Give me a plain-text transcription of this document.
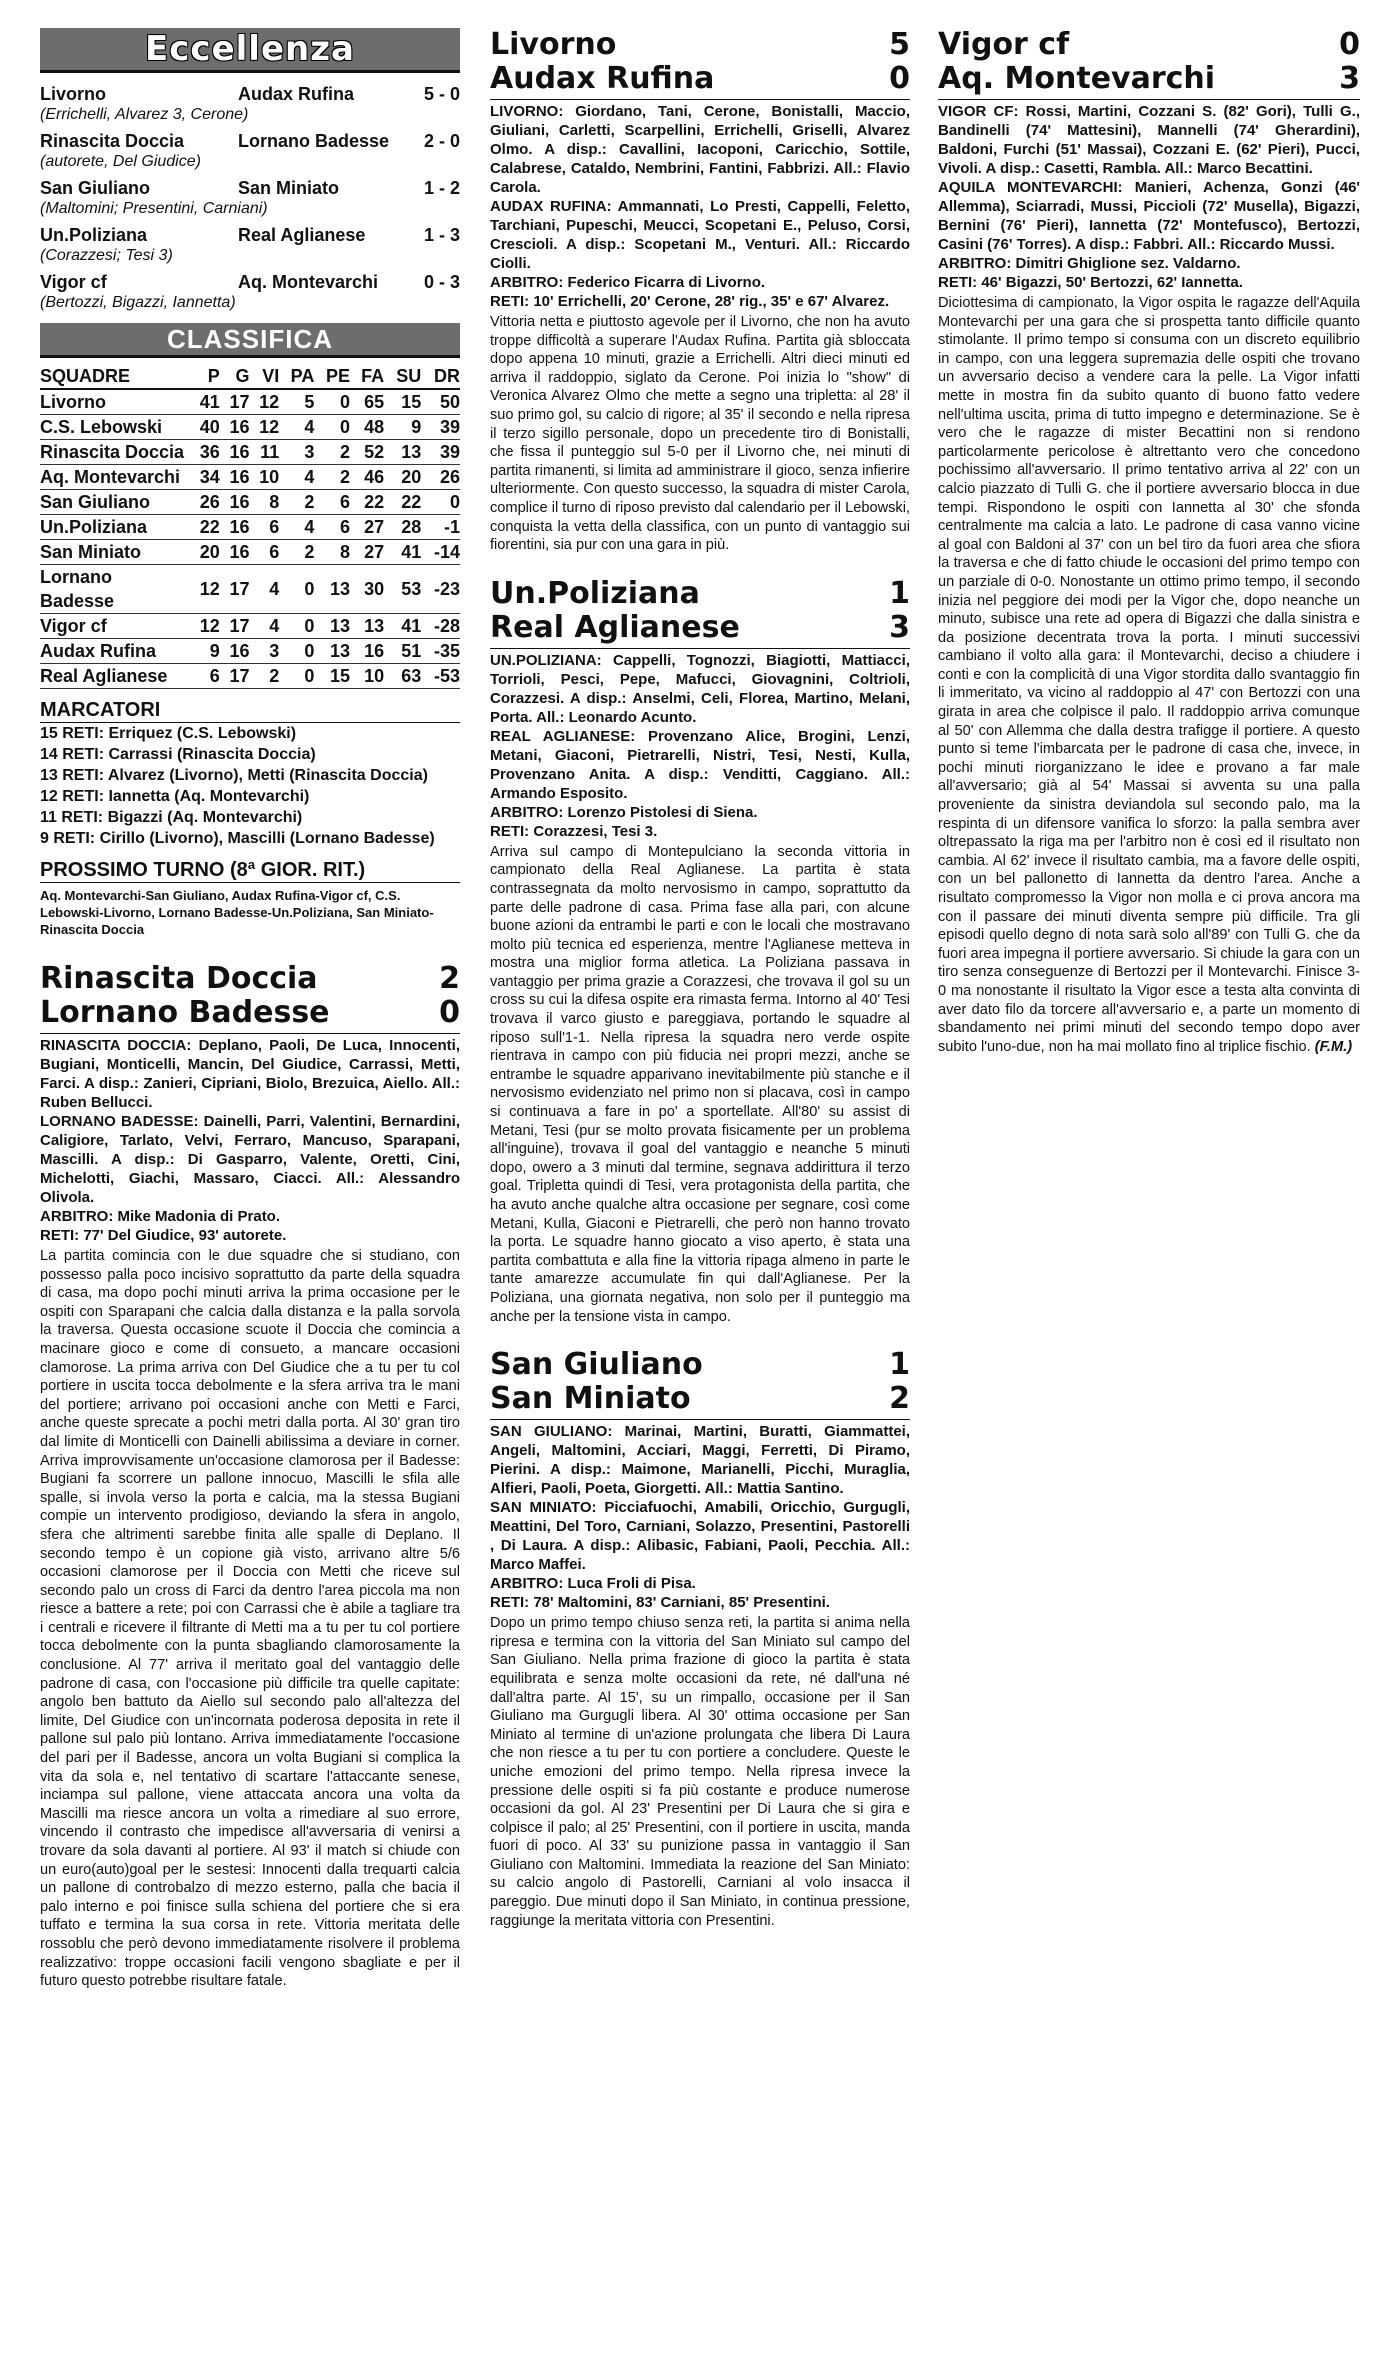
Eccellenza
Livorno	Audax Rufina	5 - 0
(Errichelli, Alvarez 3, Cerone)
Rinascita Doccia	Lornano Badesse	2 - 0
(autorete, Del Giudice)
San Giuliano	San Miniato	1 - 2
(Maltomini; Presentini, Carniani)
Un.Poliziana	Real Aglianese	1 - 3
(Corazzesi; Tesi 3)
Vigor cf	Aq. Montevarchi	0 - 3
(Bertozzi, Bigazzi, Iannetta)
CLASSIFICA
SQUADRE	P	G	VI	PA	PE	FA	SU	DR
Livorno	41	17	12	5	0	65	15	50
C.S. Lebowski	40	16	12	4	0	48	9	39
Rinascita Doccia	36	16	11	3	2	52	13	39
Aq. Montevarchi	34	16	10	4	2	46	20	26
San Giuliano	26	16	8	2	6	22	22	0
Un.Poliziana	22	16	6	4	6	27	28	-1
San Miniato	20	16	6	2	8	27	41	-14
Lornano Badesse	12	17	4	0	13	30	53	-23
Vigor cf	12	17	4	0	13	13	41	-28
Audax Rufina	9	16	3	0	13	16	51	-35
Real Aglianese	6	17	2	0	15	10	63	-53
MARCATORI
15 RETI: Erriquez (C.S. Lebowski)
14 RETI: Carrassi (Rinascita Doccia)
13 RETI: Alvarez (Livorno), Metti (Rinascita Doccia)
12 RETI: Iannetta (Aq. Montevarchi)
11 RETI: Bigazzi (Aq. Montevarchi)
9 RETI: Cirillo (Livorno), Mascilli (Lornano Badesse)
PROSSIMO TURNO (8ª GIOR. RIT.)
Aq. Montevarchi-San Giuliano, Audax Rufina-Vigor cf, C.S. Lebowski-Livorno, Lornano Badesse-Un.Poliziana, San Miniato-Rinascita Doccia
Rinascita Doccia	2
Lornano Badesse	0
RINASCITA DOCCIA: Deplano, Paoli, De Luca, Innocenti, Bugiani, Monticelli, Mancin, Del Giudice, Carrassi, Metti, Farci. A disp.: Zanieri, Cipriani, Biolo, Brezuica, Aiello. All.: Ruben Bellucci.
LORNANO BADESSE: Dainelli, Parri, Valentini, Bernardini, Caligiore, Tarlato, Velvi, Ferraro, Mancuso, Sparapani, Mascilli. A disp.: Di Gasparro, Valente, Oretti, Cini, Michelotti, Giachi, Massaro, Ciacci. All.: Alessandro Olivola.
ARBITRO: Mike Madonia di Prato.
RETI: 77' Del Giudice, 93' autorete.
La partita comincia con le due squadre che si studiano, con possesso palla poco incisivo soprattutto da parte della squadra di casa, ma dopo pochi minuti arriva la prima occasione per le ospiti con Sparapani che calcia dalla distanza e la palla sorvola la traversa. Questa occasione scuote il Doccia che comincia a macinare gioco e come di consueto, a mancare occasioni clamorose. La prima arriva con Del Giudice che a tu per tu col portiere in uscita tocca debolmente e la sfera arriva tra le mani del portiere; arrivano poi occasioni anche con Metti e Farci, anche queste sprecate a pochi metri dalla porta. Al 30' gran tiro dal limite di Monticelli con Dainelli abilissima a deviare in corner. Arriva improvvisamente un'occasione clamorosa per il Badesse: Bugiani fa scorrere un pallone innocuo, Mascilli le sfila alle spalle, si invola verso la porta e calcia, ma la stessa Bugiani compie un intervento prodigioso, deviando la sfera in angolo, sfera che altrimenti sarebbe finita alle spalle di Deplano. Il secondo tempo è un copione già visto, arrivano altre 5/6 occasioni clamorose per il Doccia con Metti che riceve sul secondo palo un cross di Farci da dentro l'area piccola ma non riesce a battere a rete; poi con Carrassi che è abile a tagliare tra i centrali e ricevere il filtrante di Metti ma a tu per tu col portiere tocca debolmente con la punta sbagliando clamorosamente la conclusione. Al 77' arriva il meritato goal del vantaggio delle padrone di casa, con l'occasione più difficile tra quelle capitate: angolo ben battuto da Aiello sul secondo palo all'altezza del limite, Del Giudice con un'incornata poderosa deposita in rete il pallone sul palo più lontano. Arriva immediatamente l'occasione del pari per il Badesse, ancora un volta Bugiani si complica la vita da sola e, nel tentativo di scartare l'attaccante senese, inciampa sul pallone, viene attaccata ancora una volta da Mascilli ma riesce ancora un volta a rimediare al suo errore, vincendo il contrasto che impedisce all'avversaria di venirsi a trovare da sola davanti al portiere. Al 93' il match si chiude con un euro(auto)goal per le sestesi: Innocenti dalla trequarti calcia un pallone di controbalzo di mezzo esterno, palla che bacia il palo interno e poi finisce sulla schiena del portiere che si era tuffato e termina la sua corsa in rete. Vittoria meritata delle rossoblu che però devono immediatamente risolvere il problema realizzativo: troppe occasioni facili vengono sbagliate e per il futuro questo potrebbe risultare fatale.
Livorno	5
Audax Rufina	0
LIVORNO: Giordano, Tani, Cerone, Bonistalli, Maccio, Giuliani, Carletti, Scarpellini, Errichelli, Griselli, Alvarez Olmo. A disp.: Cavallini, Iacoponi, Caricchio, Sottile, Calabrese, Cataldo, Nembrini, Fantini, Fabbrizi. All.: Flavio Carola.
AUDAX RUFINA: Ammannati, Lo Presti, Cappelli, Feletto, Tarchiani, Pupeschi, Meucci, Scopetani E., Peluso, Corsi, Crescioli. A disp.: Scopetani M., Venturi. All.: Riccardo Ciolli.
ARBITRO: Federico Ficarra di Livorno.
RETI: 10' Errichelli, 20' Cerone, 28' rig., 35' e 67' Alvarez.
Vittoria netta e piuttosto agevole per il Livorno, che non ha avuto troppe difficoltà a superare l'Audax Rufina. Partita già sbloccata dopo appena 10 minuti, grazie a Errichelli. Altri dieci minuti ed arriva il raddoppio, siglato da Cerone. Poi inizia lo "show" di Veronica Alvarez Olmo che mette a segno una tripletta: al 28' il suo primo gol, su calcio di rigore; al 35' il secondo e nella ripresa il terzo sigillo personale, dopo un precedente tiro di Bonistalli, che fissa il punteggio sul 5-0 per il Livorno che, nei minuti di partita rimanenti, si limita ad amministrare il gioco, senza infierire ulteriormente. Con questo successo, la squadra di mister Carola, complice il turno di riposo previsto dal calendario per il Lebowski, conquista la vetta della classifica, con un punto di vantaggio sui fiorentini, sia pur con una gara in più.
Un.Poliziana	1
Real Aglianese	3
UN.POLIZIANA: Cappelli, Tognozzi, Biagiotti, Mattiacci, Torrioli, Pesci, Pepe, Mafucci, Giovagnini, Coltrioli, Corazzesi. A disp.: Anselmi, Celi, Florea, Martino, Melani, Porta. All.: Leonardo Acunto.
REAL AGLIANESE: Provenzano Alice, Brogini, Lenzi, Metani, Giaconi, Pietrarelli, Nistri, Tesi, Nesti, Kulla, Provenzano Anita. A disp.: Venditti, Caggiano. All.: Armando Esposito.
ARBITRO: Lorenzo Pistolesi di Siena.
RETI: Corazzesi, Tesi 3.
Arriva sul campo di Montepulciano la seconda vittoria in campionato della Real Aglianese. La partita è stata contrassegnata da molto nervosismo in campo, soprattutto da parte delle padrone di casa. Prima fase alla pari, con alcune buone azioni da entrambi le parti e con le locali che mostravano molto più tecnica ed esperienza, mentre l'Aglianese metteva in mostra una miglior forma atletica. La Poliziana passava in vantaggio per prima grazie a Corazzesi, che trovava il gol su un cross su cui la difesa ospite era rimasta ferma. Intorno al 40' Tesi trovava il varco giusto e pareggiava, portando le squadre al riposo sull'1-1. Nella ripresa la squadra nero verde ospite rientrava in campo con più fiducia nei propri mezzi, anche se entrambe le squadre apparivano inevitabilmente più stanche e il nervosismo evidenziato nel primo non si placava, così in campo si continuava a fare in po' a sportellate. All'80' su assist di Metani, Tesi (pur se molto provata fisicamente per un problema all'inguine), trovava il goal del vantaggio e neanche 5 minuti dopo, owero a 3 minuti dal termine, segnava addirittura il terzo goal. Tripletta quindi di Tesi, vera protagonista della partita, che ha avuto anche qualche altra occasione per segnare, così come Metani, Kulla, Giaconi e Pietrarelli, che però non hanno trovato la porta. Le squadre hanno giocato a viso aperto, è stata una partita combattuta e alla fine la vittoria ripaga almeno in parte le tante amarezze accumulate fin qui dall'Aglianese. Per la Poliziana, una giornata negativa, non solo per il punteggio ma anche per la tensione vista in campo.
San Giuliano	1
San Miniato	2
SAN GIULIANO: Marinai, Martini, Buratti, Giammattei, Angeli, Maltomini, Acciari, Maggi, Ferretti, Di Piramo, Pierini. A disp.: Maimone, Marianelli, Picchi, Muraglia, Alfieri, Paoli, Poeta, Giorgetti. All.: Mattia Santino.
SAN MINIATO: Picciafuochi, Amabili, Oricchio, Gurgugli, Meattini, Del Toro, Carniani, Solazzo, Presentini, Pastorelli , Di Laura. A disp.: Alibasic, Fabiani, Paoli, Pecchia. All.: Marco Maffei.
ARBITRO: Luca Froli di Pisa.
RETI: 78' Maltomini, 83' Carniani, 85' Presentini.
Dopo un primo tempo chiuso senza reti, la partita si anima nella ripresa e termina con la vittoria del San Miniato sul campo del San Giuliano. Nella prima frazione di gioco la partita è stata equilibrata e senza molte occasioni da rete, né dall'una né dall'altra parte. Al 15', su un rimpallo, occasione per il San Giuliano ma Gurgugli libera. Al 30' ottima occasione per San Miniato al termine di un'azione prolungata che libera Di Laura che non riesce a tu per tu con portiere a concludere. Queste le uniche emozioni del primo tempo. Nella ripresa invece la pressione delle ospiti si fa più costante e produce numerose occasioni da gol. Al 23' Presentini per Di Laura che si gira e colpisce il palo; al 25' Presentini, con il portiere in uscita, manda fuori di poco. Al 33' su punizione passa in vantaggio il San Giuliano con Maltomini. Immediata la reazione del San Miniato: su calcio angolo di Pastorelli, Carniani al volo insacca il pareggio. Due minuti dopo il San Miniato, in continua pressione, raggiunge la meritata vittoria con Presentini.
Vigor cf	0
Aq. Montevarchi	3
VIGOR CF: Rossi, Martini, Cozzani S. (82' Gori), Tulli G., Bandinelli (74' Mattesini), Mannelli (74' Gherardini), Baldoni, Furchi (51' Massai), Cozzani E. (62' Pieri), Pucci, Vivoli. A disp.: Casetti, Rambla. All.: Marco Becattini.
AQUILA MONTEVARCHI: Manieri, Achenza, Gonzi (46' Allemma), Sciarradi, Mussi, Piccioli (72' Musella), Bigazzi, Bernini (76' Pieri), Iannetta (72' Montefusco), Bertozzi, Casini (76' Torres). A disp.: Fabbri. All.: Riccardo Mussi.
ARBITRO: Dimitri Ghiglione sez. Valdarno.
RETI: 46' Bigazzi, 50' Bertozzi, 62' Iannetta.
Diciottesima di campionato, la Vigor ospita le ragazze dell'Aquila Montevarchi per una gara che si prospetta tanto difficile quanto stimolante. Il primo tempo si consuma con un discreto equilibrio in campo, con una leggera supremazia delle ospiti che trovano un avversario deciso a vendere cara la pelle. La Vigor infatti mette in mostra fin da subito quanto di buono fatto vedere nell'ultima uscita, prima di tutto impegno e determinazione. Se è vero che le ragazze di mister Becattini non si rendono particolarmente pericolose è altrettanto vero che concedono pochissimo all'avversario. Il primo tentativo arriva al 22' con un calcio piazzato di Tulli G. che il portiere avversario blocca in due tempi. Rispondono le ospiti con Iannetta al 30' che sfonda centralmente ma calcia a lato. Le padrone di casa vanno vicine al goal con Baldoni al 37' con un bel tiro da fuori area che sfiora la traversa e che di fatto chiude le occasioni del primo tempo con un parziale di 0-0. Nonostante un ottimo primo tempo, il secondo inizia nel peggiore dei modi per la Vigor che, dopo neanche un minuto, subisce una rete ad opera di Bigazzi che dalla sinistra e da posizione decentrata trova la porta. I minuti successivi cambiano il volto alla gara: il Montevarchi, deciso a chiudere i conti e con la complicità di una Vigor stordita dallo svantaggio fin li immeritato, va vicino al raddoppio al 47' con Bertozzi con una girata in area che colpisce il palo. Il raddoppio arriva comunque al 50' con Allemma che dalla destra trafigge il portiere. A questo punto si teme l'imbarcata per le padrone di casa che, invece, in pochi minuti riorganizzano le idee e provano a far male all'avversario; già al 54' Massai si avventa su una palla proveniente da sinistra deviandola sul secondo palo, ma la respinta di un difensore vanifica lo sforzo: la palla sembra aver oltrepassato la riga ma per l'arbitro non è così ed il risultato non cambia. Al 62' invece il risultato cambia, ma a favore delle ospiti, con un bel pallonetto di Iannetta da dentro l'area. Anche a risultato compromesso la Vigor non molla e ci prova ancora ma con il passare dei minuti diventa sempre più difficile. Tra gli episodi quello degno di nota sarà solo all'89' con Tulli G. che da fuori area impegna il portiere avversario. Si chiude la gara con un tiro senza conseguenze di Bertozzi per il Montevarchi. Finisce 3-0 ma nonostante il risultato la Vigor esce a testa alta convinta di aver dato filo da torcere all'avversario e, a parte un momento di sbandamento nei primi minuti del secondo tempo dopo aver subito l'uno-due, non ha mai mollato fino al triplice fischio. (F.M.)
